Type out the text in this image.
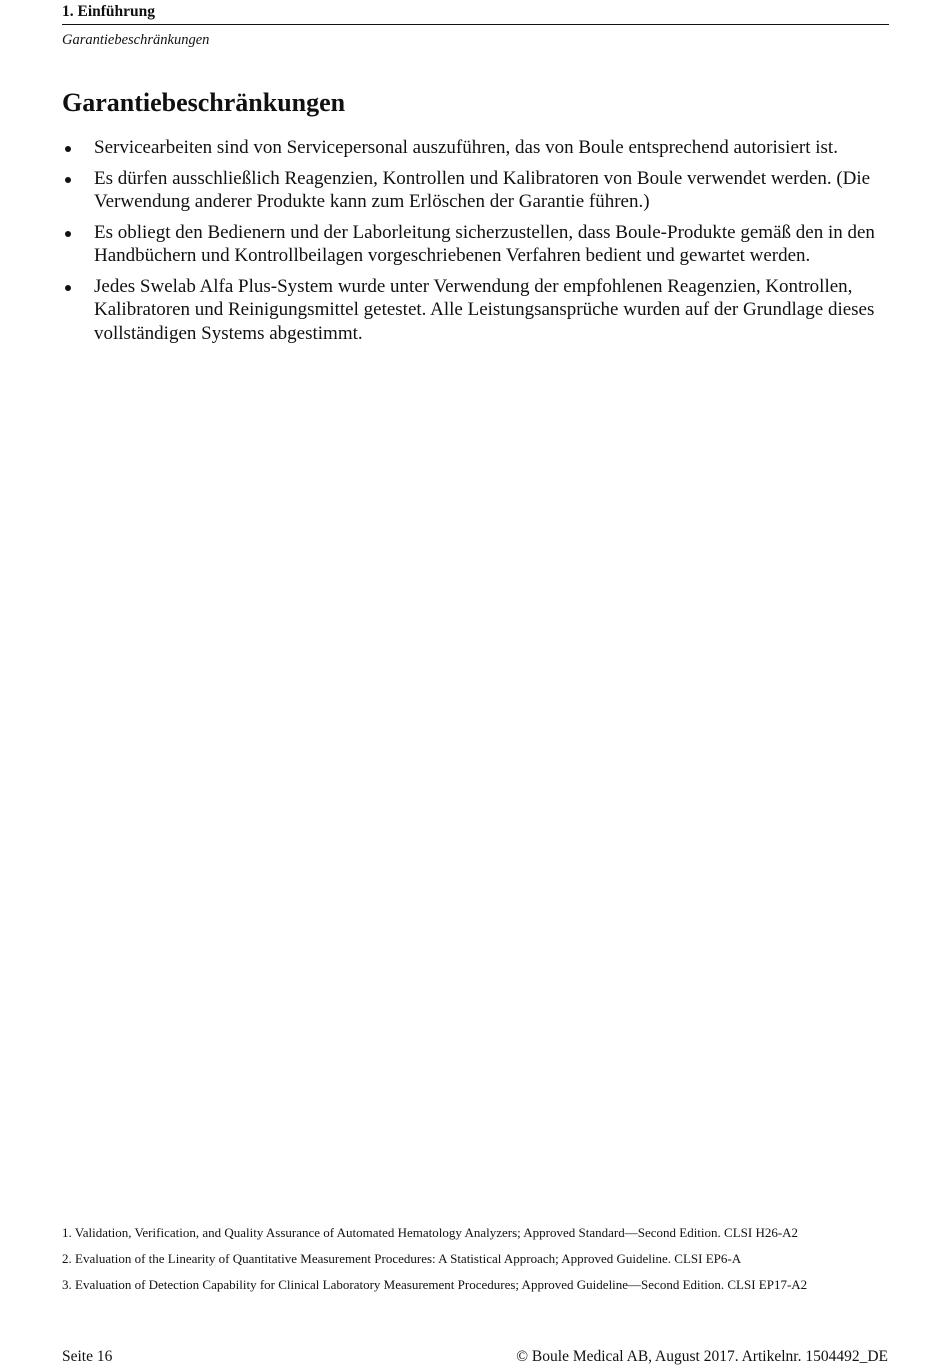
1. Einführung
Garantiebeschränkungen
Garantiebeschränkungen
Servicearbeiten sind von Servicepersonal auszuführen, das von Boule entsprechend autorisiert ist.
Es dürfen ausschließlich Reagenzien, Kontrollen und Kalibratoren von Boule verwendet werden. (Die Verwendung anderer Produkte kann zum Erlöschen der Garantie führen.)
Es obliegt den Bedienern und der Laborleitung sicherzustellen, dass Boule-Produkte gemäß den in den Handbüchern und Kontrollbeilagen vorgeschriebenen Verfahren bedient und gewartet werden.
Jedes Swelab Alfa Plus-System wurde unter Verwendung der empfohlenen Reagenzien, Kontrollen, Kalibratoren und Reinigungsmittel getestet. Alle Leistungsansprüche wurden auf der Grundlage dieses vollständigen Systems abgestimmt.
1. Validation, Verification, and Quality Assurance of Automated Hematology Analyzers; Approved Standard—Second Edition. CLSI H26-A2
2. Evaluation of the Linearity of Quantitative Measurement Procedures: A Statistical Approach; Approved Guideline. CLSI EP6-A
3. Evaluation of Detection Capability for Clinical Laboratory Measurement Procedures; Approved Guideline—Second Edition. CLSI EP17-A2
Seite 16	© Boule Medical AB, August 2017. Artikelnr. 1504492_DE
